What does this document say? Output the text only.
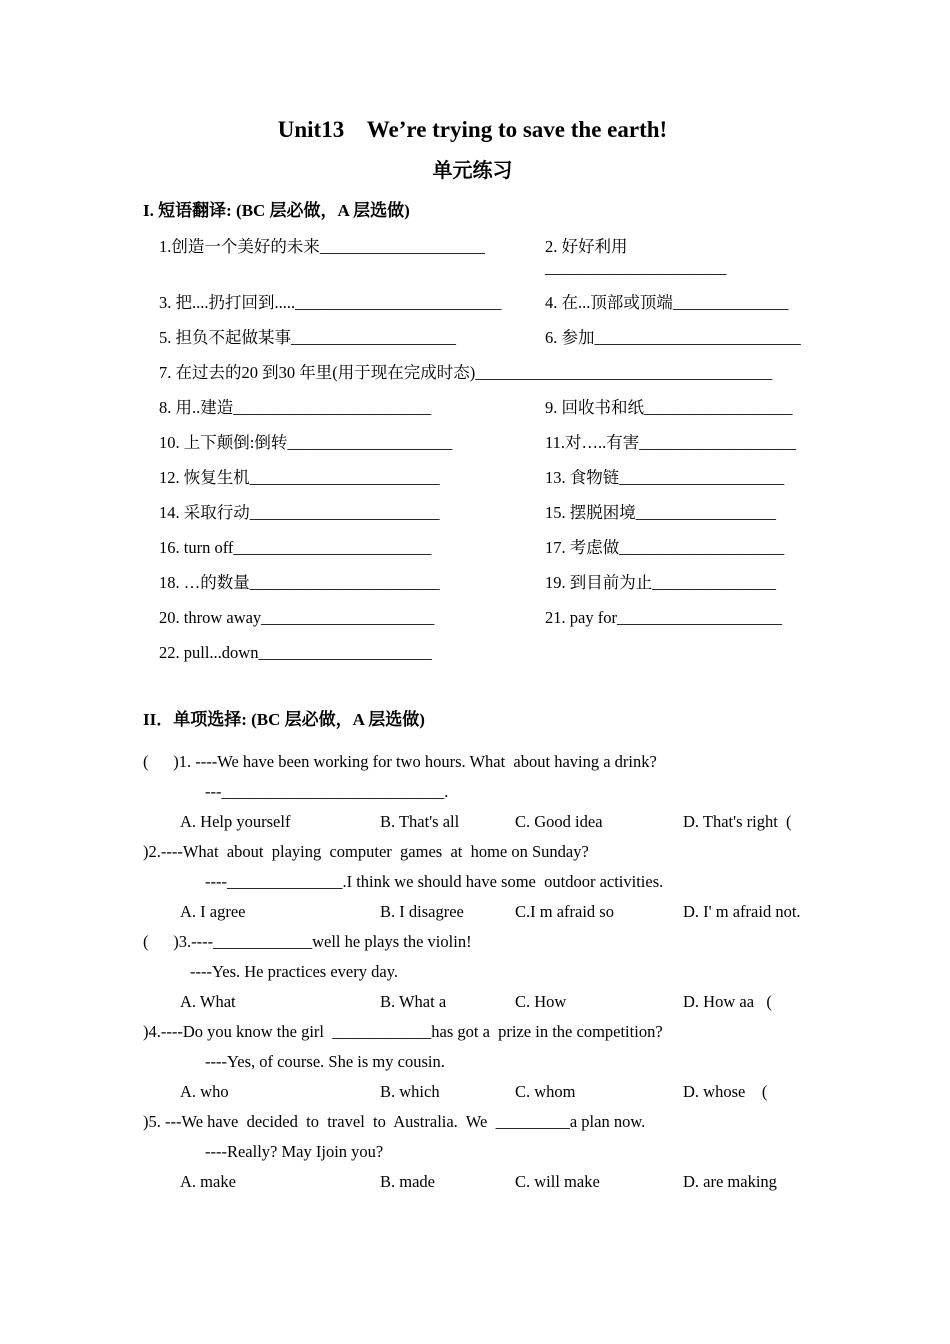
Unit13    We’re trying to save the earth!
单元练习
I. 短语翻译: (BC 层必做，A 层选做)
1.创造一个美好的未来____________________	2. 好好利用______________________
3. 把....扔打回到....._________________________	4. 在...顶部或顶端______________
5. 担负不起做某事____________________	6. 参加_________________________
7. 在过去的20 到30 年里(用于现在完成时态)____________________________________
8. 用..建造________________________	9. 回收书和纸__________________
10. 上下颠倒:倒转____________________	11.对…..有害___________________
12. 恢复生机_______________________	13. 食物链____________________
14. 采取行动_______________________	15. 摆脱困境_________________
16. turn off________________________	17. 考虑做____________________
18. …的数量_______________________	19. 到目前为止_______________
20. throw away_____________________	21. pay for____________________
22. pull...down_____________________
II．单项选择: (BC 层必做，A 层选做)
(      )1. ----We have been working for two hours. What  about having a drink?
---___________________________.
A. Help yourself	B. That's all	C. Good idea	D. That's right  (
)2.----What  about  playing  computer  games  at  home on Sunday?
----______________.I think we should have some  outdoor activities.
A. I agree	B. I disagree	C.I m afraid so	D. I' m afraid not.
(      )3.----____________well he plays the violin!
----Yes. He practices every day.
A. What	B. What a	C. How	D. How aa   (
)4.----Do you know the girl  ____________has got a  prize in the competition?
----Yes, of course. She is my cousin.
A. who	B. which	C. whom	D. whose    (
)5. ---We have  decided  to  travel  to  Australia.  We  _________a plan now.
----Really? May Ijoin you?
A. make	B. made	C. will make	D. are making
